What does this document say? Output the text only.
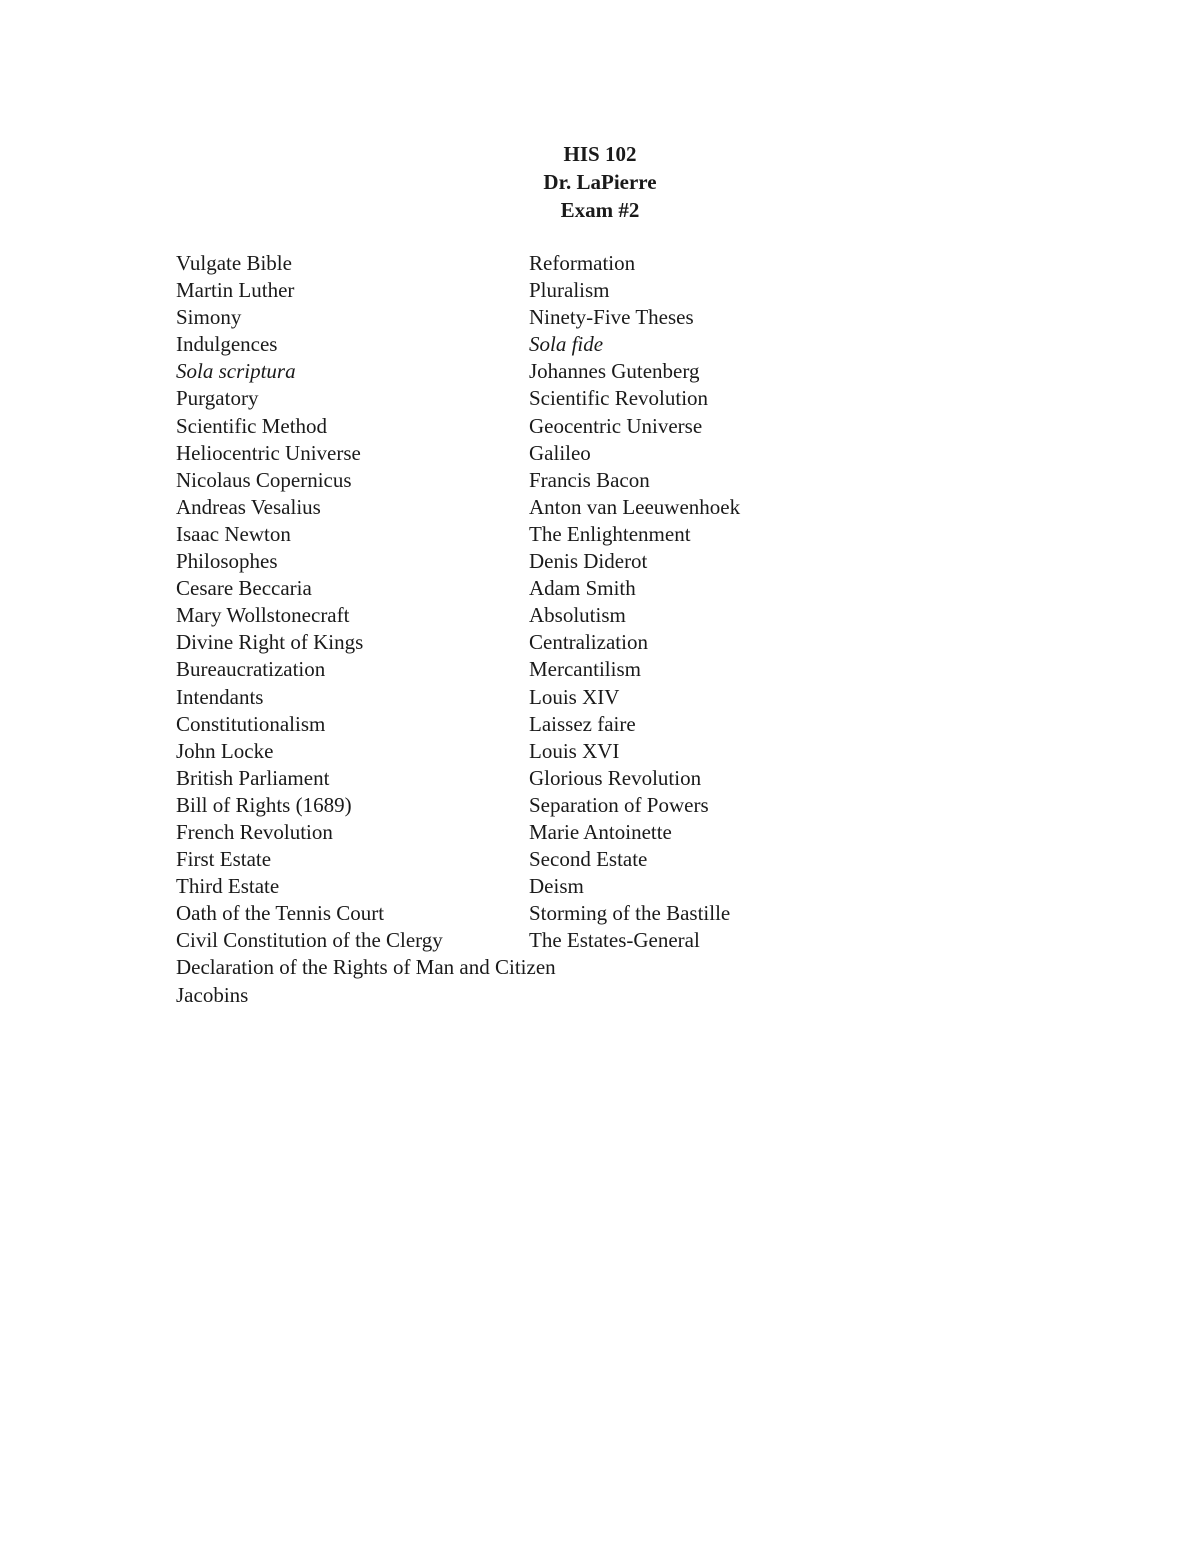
HIS 102
Dr. LaPierre
Exam #2
Vulgate Bible	Reformation
Martin Luther	Pluralism
Simony	Ninety-Five Theses
Indulgences	Sola fide
Sola scriptura	Johannes Gutenberg
Purgatory	Scientific Revolution
Scientific Method	Geocentric Universe
Heliocentric Universe	Galileo
Nicolaus Copernicus	Francis Bacon
Andreas Vesalius	Anton van Leeuwenhoek
Isaac Newton	The Enlightenment
Philosophes	Denis Diderot
Cesare Beccaria	Adam Smith
Mary Wollstonecraft	Absolutism
Divine Right of Kings	Centralization
Bureaucratization	Mercantilism
Intendants	Louis XIV
Constitutionalism	Laissez faire
John Locke	Louis XVI
British Parliament	Glorious Revolution
Bill of Rights (1689)	Separation of Powers
French Revolution	Marie Antoinette
First Estate	Second Estate
Third Estate	Deism
Oath of the Tennis Court	Storming of the Bastille
Civil Constitution of the Clergy	The Estates-General
Declaration of the Rights of Man and Citizen
Jacobins
